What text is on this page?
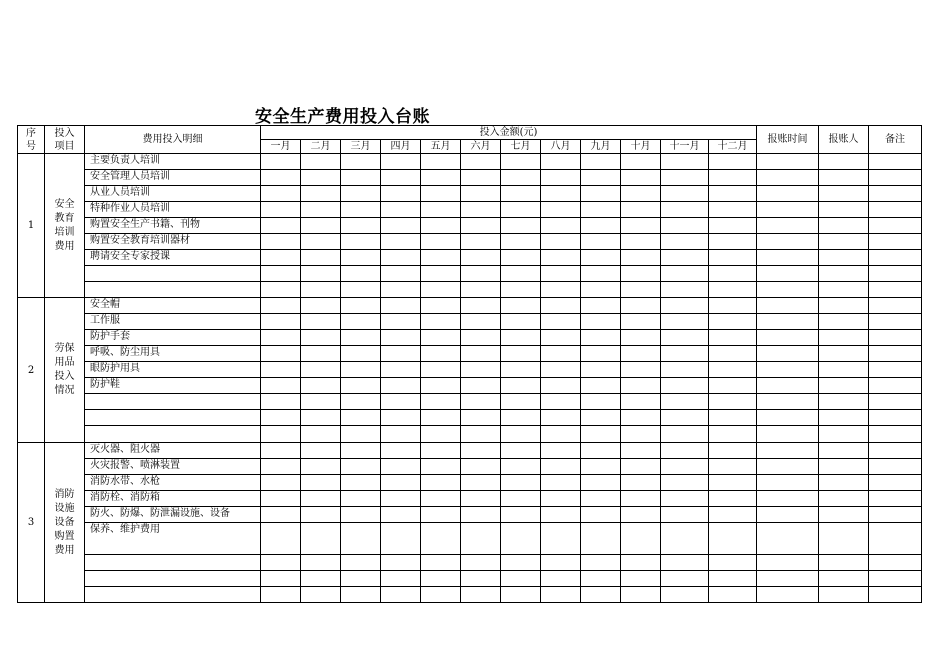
安全生产费用投入台账
序号	投入项目	费用投入明细	投入金额(元)												报账时间	报账人	备注
			一月	二月	三月	四月	五月	六月	七月	八月	九月	十月	十一月	十二月			
1	安全教育培训费用	主要负责人培训															
		安全管理人员培训															
		从业人员培训															
		特种作业人员培训															
		购置安全生产书籍、刊物															
		购置安全教育培训器材															
		聘请安全专家授课															

2	劳保用品投入情况	安全帽															
		工作服															
		防护手套															
		呼吸、防尘用具															
		眼防护用具															
		防护鞋															

3	消防设施设备购置费用	灭火器、阻火器															
		火灾报警、喷淋装置															
		消防水带、水枪															
		消防栓、消防箱															
		防火、防爆、防泄漏设施、设备															
		保养、维护费用															
